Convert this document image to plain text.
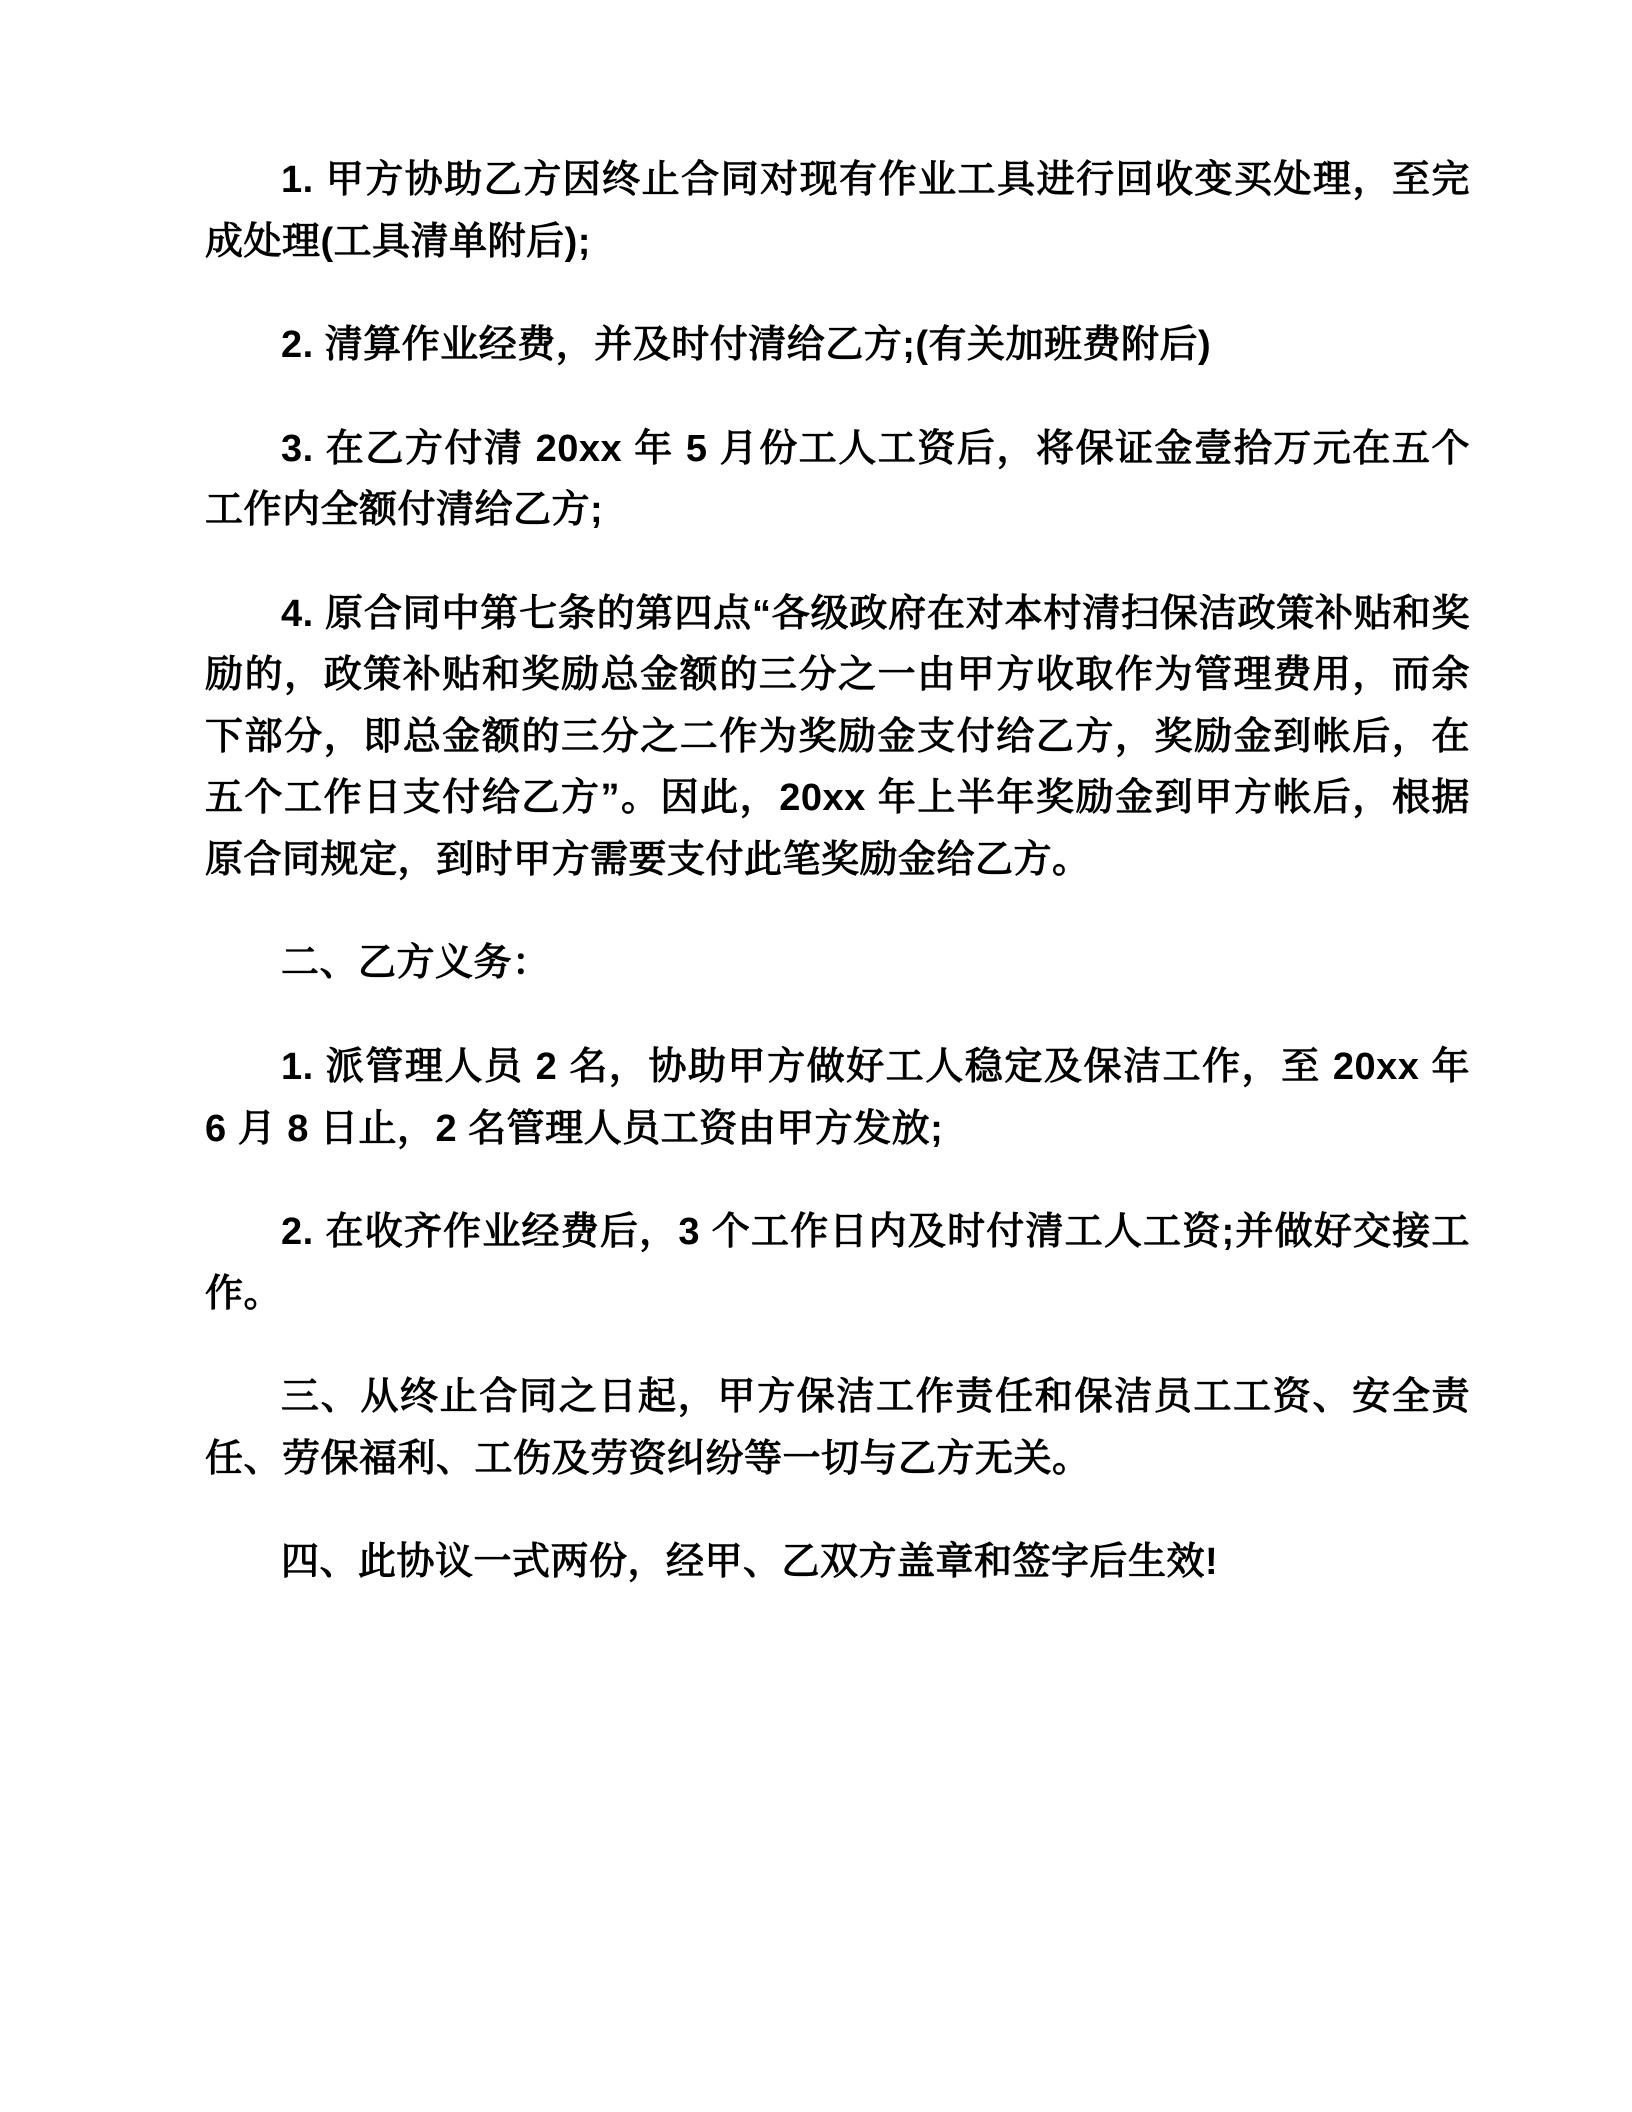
1. 甲方协助乙方因终止合同对现有作业工具进行回收变买处理，至完成处理(工具清单附后);

2. 清算作业经费，并及时付清给乙方;(有关加班费附后)

3. 在乙方付清 20xx 年 5 月份工人工资后，将保证金壹拾万元在五个工作内全额付清给乙方;

4. 原合同中第七条的第四点“各级政府在对本村清扫保洁政策补贴和奖励的，政策补贴和奖励总金额的三分之一由甲方收取作为管理费用，而余下部分，即总金额的三分之二作为奖励金支付给乙方，奖励金到帐后，在五个工作日支付给乙方”。因此，20xx 年上半年奖励金到甲方帐后，根据原合同规定，到时甲方需要支付此笔奖励金给乙方。

二、乙方义务：

1. 派管理人员 2 名，协助甲方做好工人稳定及保洁工作，至 20xx 年 6 月 8 日止，2 名管理人员工资由甲方发放;

2. 在收齐作业经费后，3 个工作日内及时付清工人工资;并做好交接工作。

三、从终止合同之日起，甲方保洁工作责任和保洁员工工资、安全责任、劳保福利、工伤及劳资纠纷等一切与乙方无关。

四、此协议一式两份，经甲、乙双方盖章和签字后生效!
